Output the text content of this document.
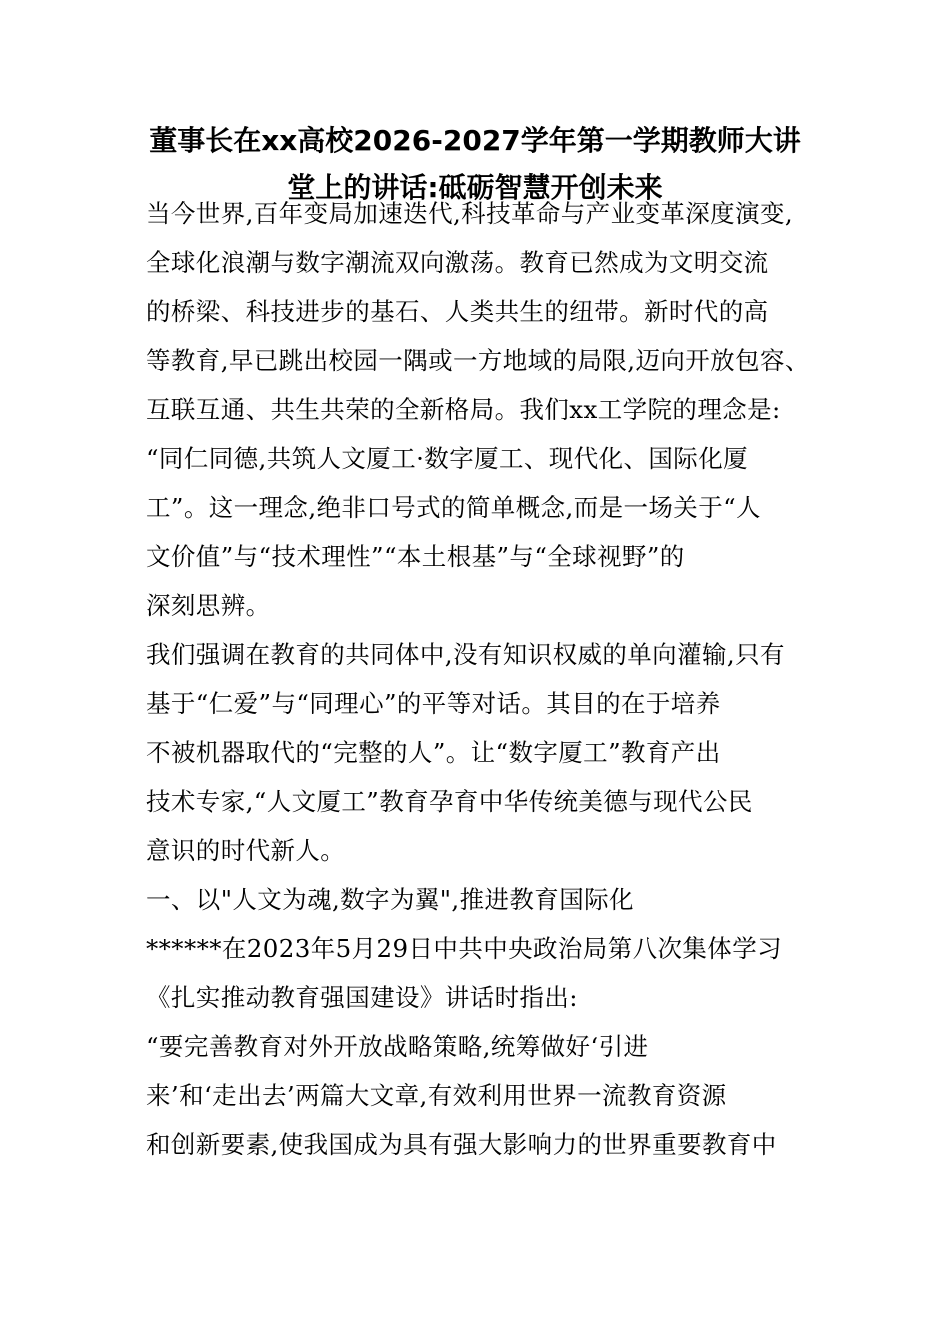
董事长在xx高校2026-2027学年第一学期教师大讲
堂上的讲话:砥砺智慧开创未来
当今世界,百年变局加速迭代,科技革命与产业变革深度演变,
全球化浪潮与数字潮流双向激荡。教育已然成为文明交流
的桥梁、科技进步的基石、人类共生的纽带。新时代的高
等教育,早已跳出校园一隅或一方地域的局限,迈向开放包容、
互联互通、共生共荣的全新格局。我们xx工学院的理念是:
“同仁同德,共筑人文厦工·数字厦工、现代化、国际化厦
工”。这一理念,绝非口号式的简单概念,而是一场关于“人
文价值”与“技术理性”“本土根基”与“全球视野”的
深刻思辨。
我们强调在教育的共同体中,没有知识权威的单向灌输,只有
基于“仁爱”与“同理心”的平等对话。其目的在于培养
不被机器取代的“完整的人”。让“数字厦工”教育产出
技术专家,“人文厦工”教育孕育中华传统美德与现代公民
意识的时代新人。
一、以"人文为魂,数字为翼",推进教育国际化
******在2023年5月29日中共中央政治局第八次集体学习
《扎实推动教育强国建设》讲话时指出:
“要完善教育对外开放战略策略,统筹做好‘引进
来’和‘走出去’两篇大文章,有效利用世界一流教育资源
和创新要素,使我国成为具有强大影响力的世界重要教育中
